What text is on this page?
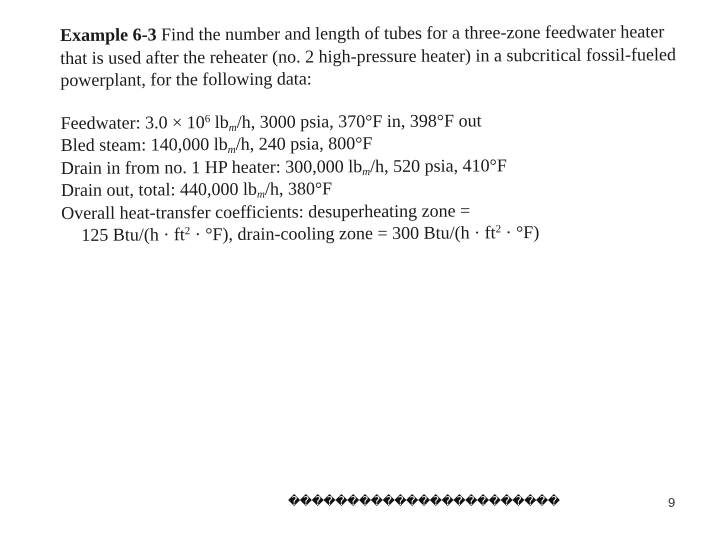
Example 6-3 Find the number and length of tubes for a three-zone feedwater heater that is used after the reheater (no. 2 high-pressure heater) in a subcritical fossil-fueled powerplant, for the following data:

Feedwater: $3.0 \times 10^6$ $lb_m/h$, 3000 psia, 370°F in, 398°F out
Bled steam: 140,000 $lb_m/h$, 240 psia, 800°F
Drain in from no. 1 HP heater: 300,000 $lb_m/h$, 520 psia, 410°F
Drain out, total: 440,000 $lb_m/h$, 380°F
Overall heat-transfer coefficients: desuperheating zone =
125 $Btu/(h \cdot ft^2 \cdot ^\circ F)$, drain-cooling zone = 300 $Btu/(h \cdot ft^2 \cdot ^\circ F)$
�����������������������	9
